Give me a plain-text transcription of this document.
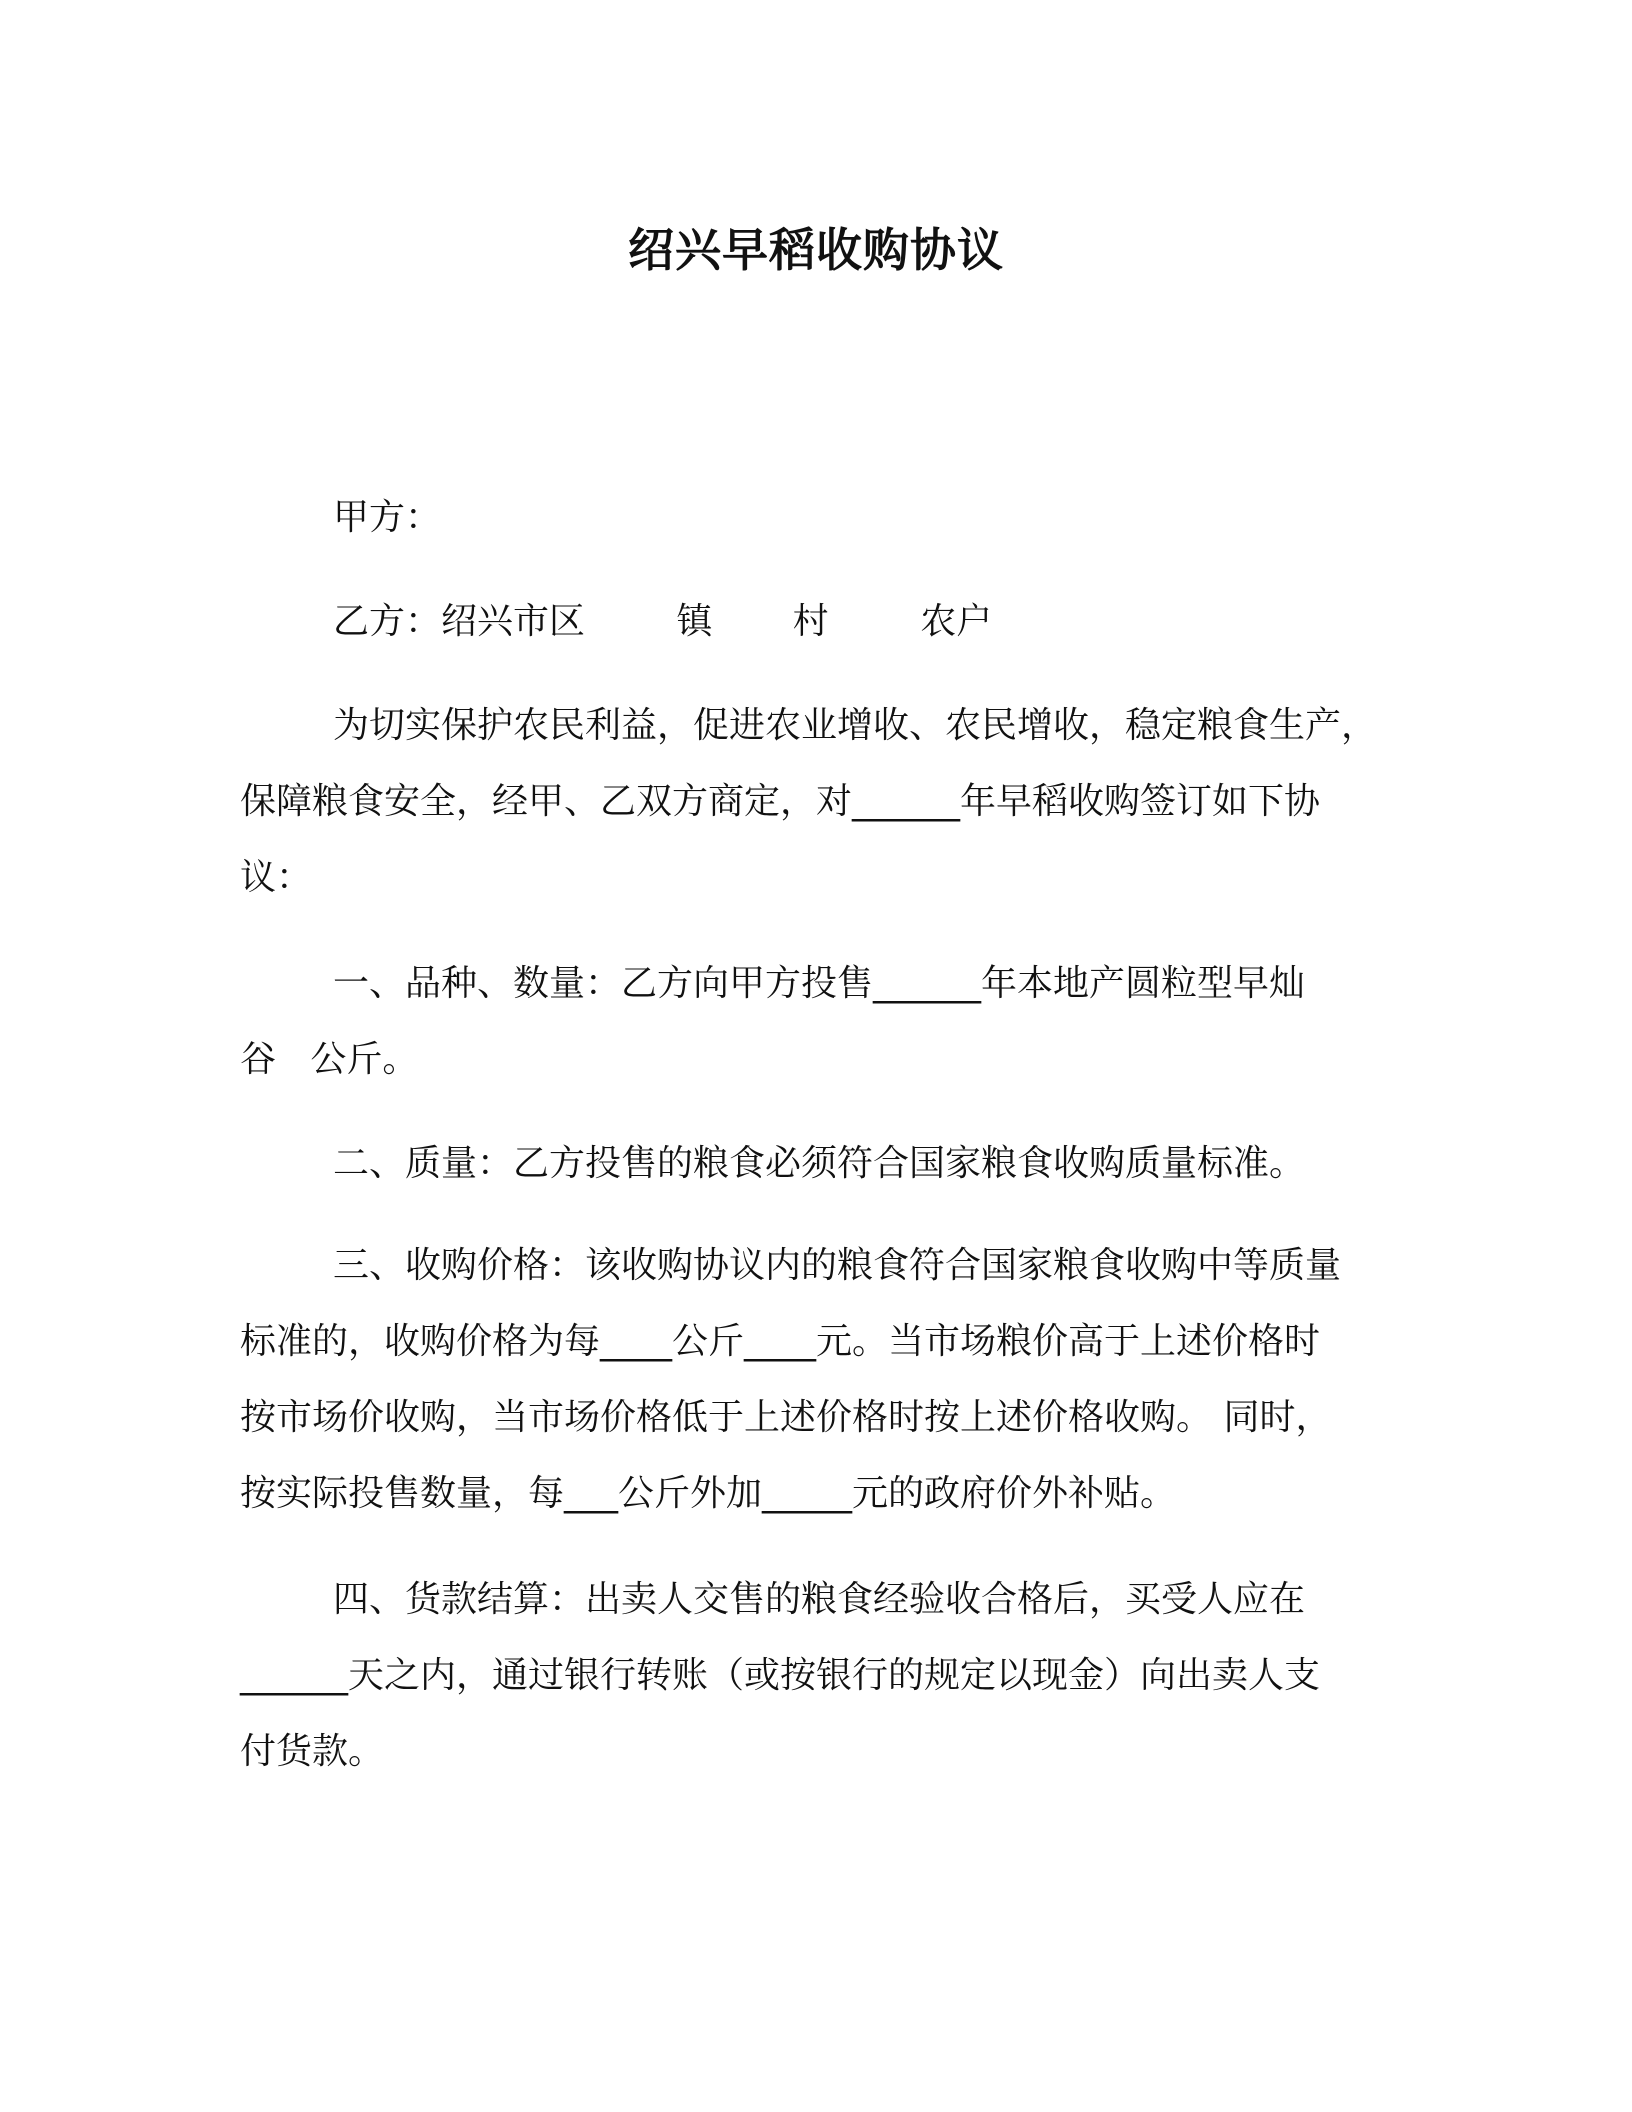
绍兴早稻收购协议
甲方：
乙方：绍兴市区        镇       村        农户
为切实保护农民利益，促进农业增收、农民增收，稳定粮食生产，
保障粮食安全，经甲、乙双方商定，对______年早稻收购签订如下协
议：
一、品种、数量：乙方向甲方投售______年本地产圆粒型早灿
谷   公斤。
二、质量：乙方投售的粮食必须符合国家粮食收购质量标准。
三、收购价格：该收购协议内的粮食符合国家粮食收购中等质量
标准的，收购价格为每____公斤____元。当市场粮价高于上述价格时
按市场价收购，当市场价格低于上述价格时按上述价格收购。 同时，
按实际投售数量，每___公斤外加_____元的政府价外补贴。
四、货款结算：出卖人交售的粮食经验收合格后，买受人应在
______天之内，通过银行转账（或按银行的规定以现金）向出卖人支
付货款。
